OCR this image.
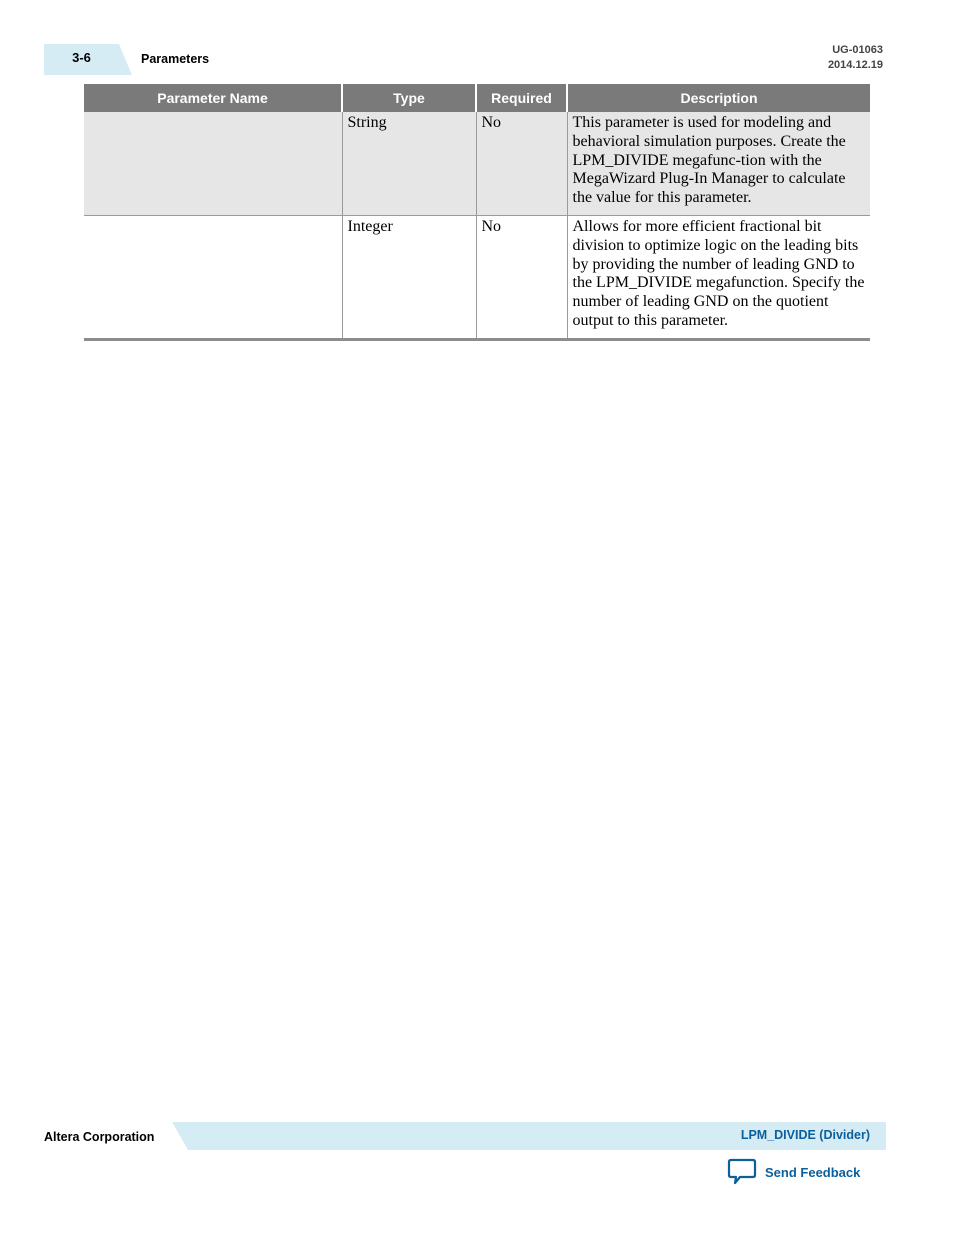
3-6	Parameters
UG-01063
2014.12.19
Parameter Name	Type	Required	Description
	String	No	This parameter is used for modeling and behavioral simulation purposes. Create the LPM_DIVIDE megafunc-tion with the MegaWizard Plug-In Manager to calculate the value for this parameter.
	Integer	No	Allows for more efficient fractional bit division to optimize logic on the leading bits by providing the number of leading GND to the LPM_DIVIDE megafunction. Specify the number of leading GND on the quotient output to this parameter.
Altera Corporation	LPM_DIVIDE (Divider)
Send Feedback
